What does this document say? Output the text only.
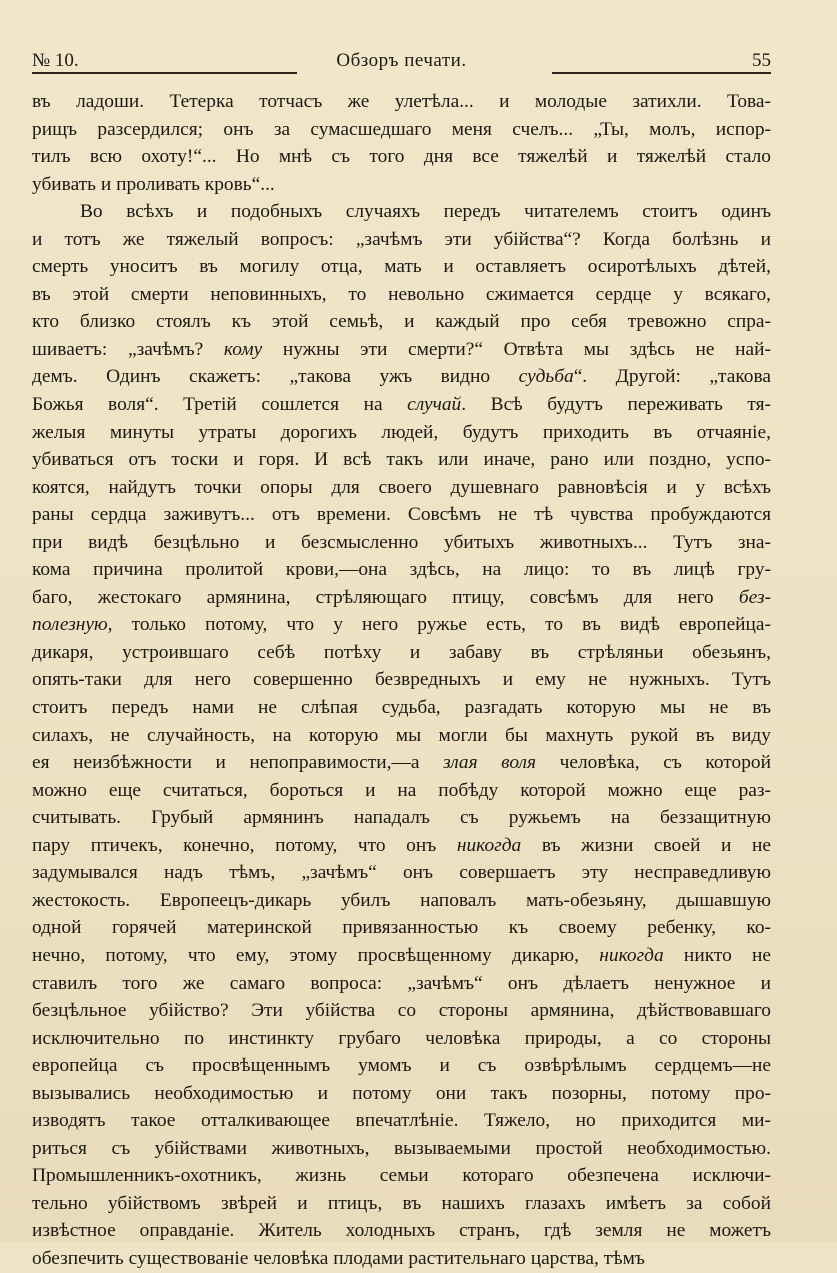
№ 10.	Обзоръ печати.	55
въ ладоши. Тетерка тотчасъ же улетѣла... и молодые затихли. Това-
рищъ разсердился; онъ за сумасшедшаго меня счелъ... „Ты, молъ, испор-
тилъ всю охоту!“... Но мнѣ съ того дня все тяжелѣй и тяжелѣй стало
убивать и проливать кровь“...
Во всѣхъ и подобныхъ случаяхъ передъ читателемъ стоитъ одинъ
и тотъ же тяжелый вопросъ: „зачѣмъ эти убійства“? Когда болѣзнь и
смерть уноситъ въ могилу отца, мать и оставляетъ осиротѣлыхъ дѣтей,
въ этой смерти неповинныхъ, то невольно сжимается сердце у всякаго,
кто близко стоялъ къ этой семьѣ, и каждый про себя тревожно спра-
шиваетъ: „зачѣмъ? кому нужны эти смерти?“ Отвѣта мы здѣсь не най-
демъ. Одинъ скажетъ: „такова ужъ видно судьба“. Другой: „такова
Божья воля“. Третій сошлется на случай. Всѣ будутъ переживать тя-
желыя минуты утраты дорогихъ людей, будутъ приходить въ отчаяніе,
убиваться отъ тоски и горя. И всѣ такъ или иначе, рано или поздно, успо-
коятся, найдутъ точки опоры для своего душевнаго равновѣсія и у всѣхъ
раны сердца заживутъ... отъ времени. Совсѣмъ не тѣ чувства пробуждаются
при видѣ безцѣльно и безсмысленно убитыхъ животныхъ... Тутъ зна-
кома причина пролитой крови,—она здѣсь, на лицо: то въ лицѣ гру-
баго, жестокаго армянина, стрѣляющаго птицу, совсѣмъ для него без-
полезную, только потому, что у него ружье есть, то въ видѣ европейца-
дикаря, устроившаго себѣ потѣху и забаву въ стрѣляньи обезьянъ,
опять-таки для него совершенно безвредныхъ и ему не нужныхъ. Тутъ
стоитъ передъ нами не слѣпая судьба, разгадать которую мы не въ
силахъ, не случайность, на которую мы могли бы махнуть рукой въ виду
ея неизбѣжности и непоправимости,—а злая воля человѣка, съ которой
можно еще считаться, бороться и на побѣду которой можно еще раз-
считывать. Грубый армянинъ нападалъ съ ружьемъ на беззащитную
пару птичекъ, конечно, потому, что онъ никогда въ жизни своей и не
задумывался надъ тѣмъ, „зачѣмъ“ онъ совершаетъ эту несправедливую
жестокость. Европеецъ-дикарь убилъ наповалъ мать-обезьяну, дышавшую
одной горячей материнской привязанностью къ своему ребенку, ко-
нечно, потому, что ему, этому просвѣщенному дикарю, никогда никто не
ставилъ того же самаго вопроса: „зачѣмъ“ онъ дѣлаетъ ненужное и
безцѣльное убійство? Эти убійства со стороны армянина, дѣйствовавшаго
исключительно по инстинкту грубаго человѣка природы, а со стороны
европейца съ просвѣщеннымъ умомъ и съ озвѣрѣлымъ сердцемъ—не
вызывались необходимостью и потому они такъ позорны, потому про-
изводятъ такое отталкивающее впечатлѣніе. Тяжело, но приходится ми-
риться съ убійствами животныхъ, вызываемыми простой необходимостью.
Промышленникъ-охотникъ, жизнь семьи котораго обезпечена исключи-
тельно убійствомъ звѣрей и птицъ, въ нашихъ глазахъ имѣетъ за собой
извѣстное оправданіе. Житель холодныхъ странъ, гдѣ земля не можетъ
обезпечить существованіе человѣка плодами растительнаго царства, тѣмъ
